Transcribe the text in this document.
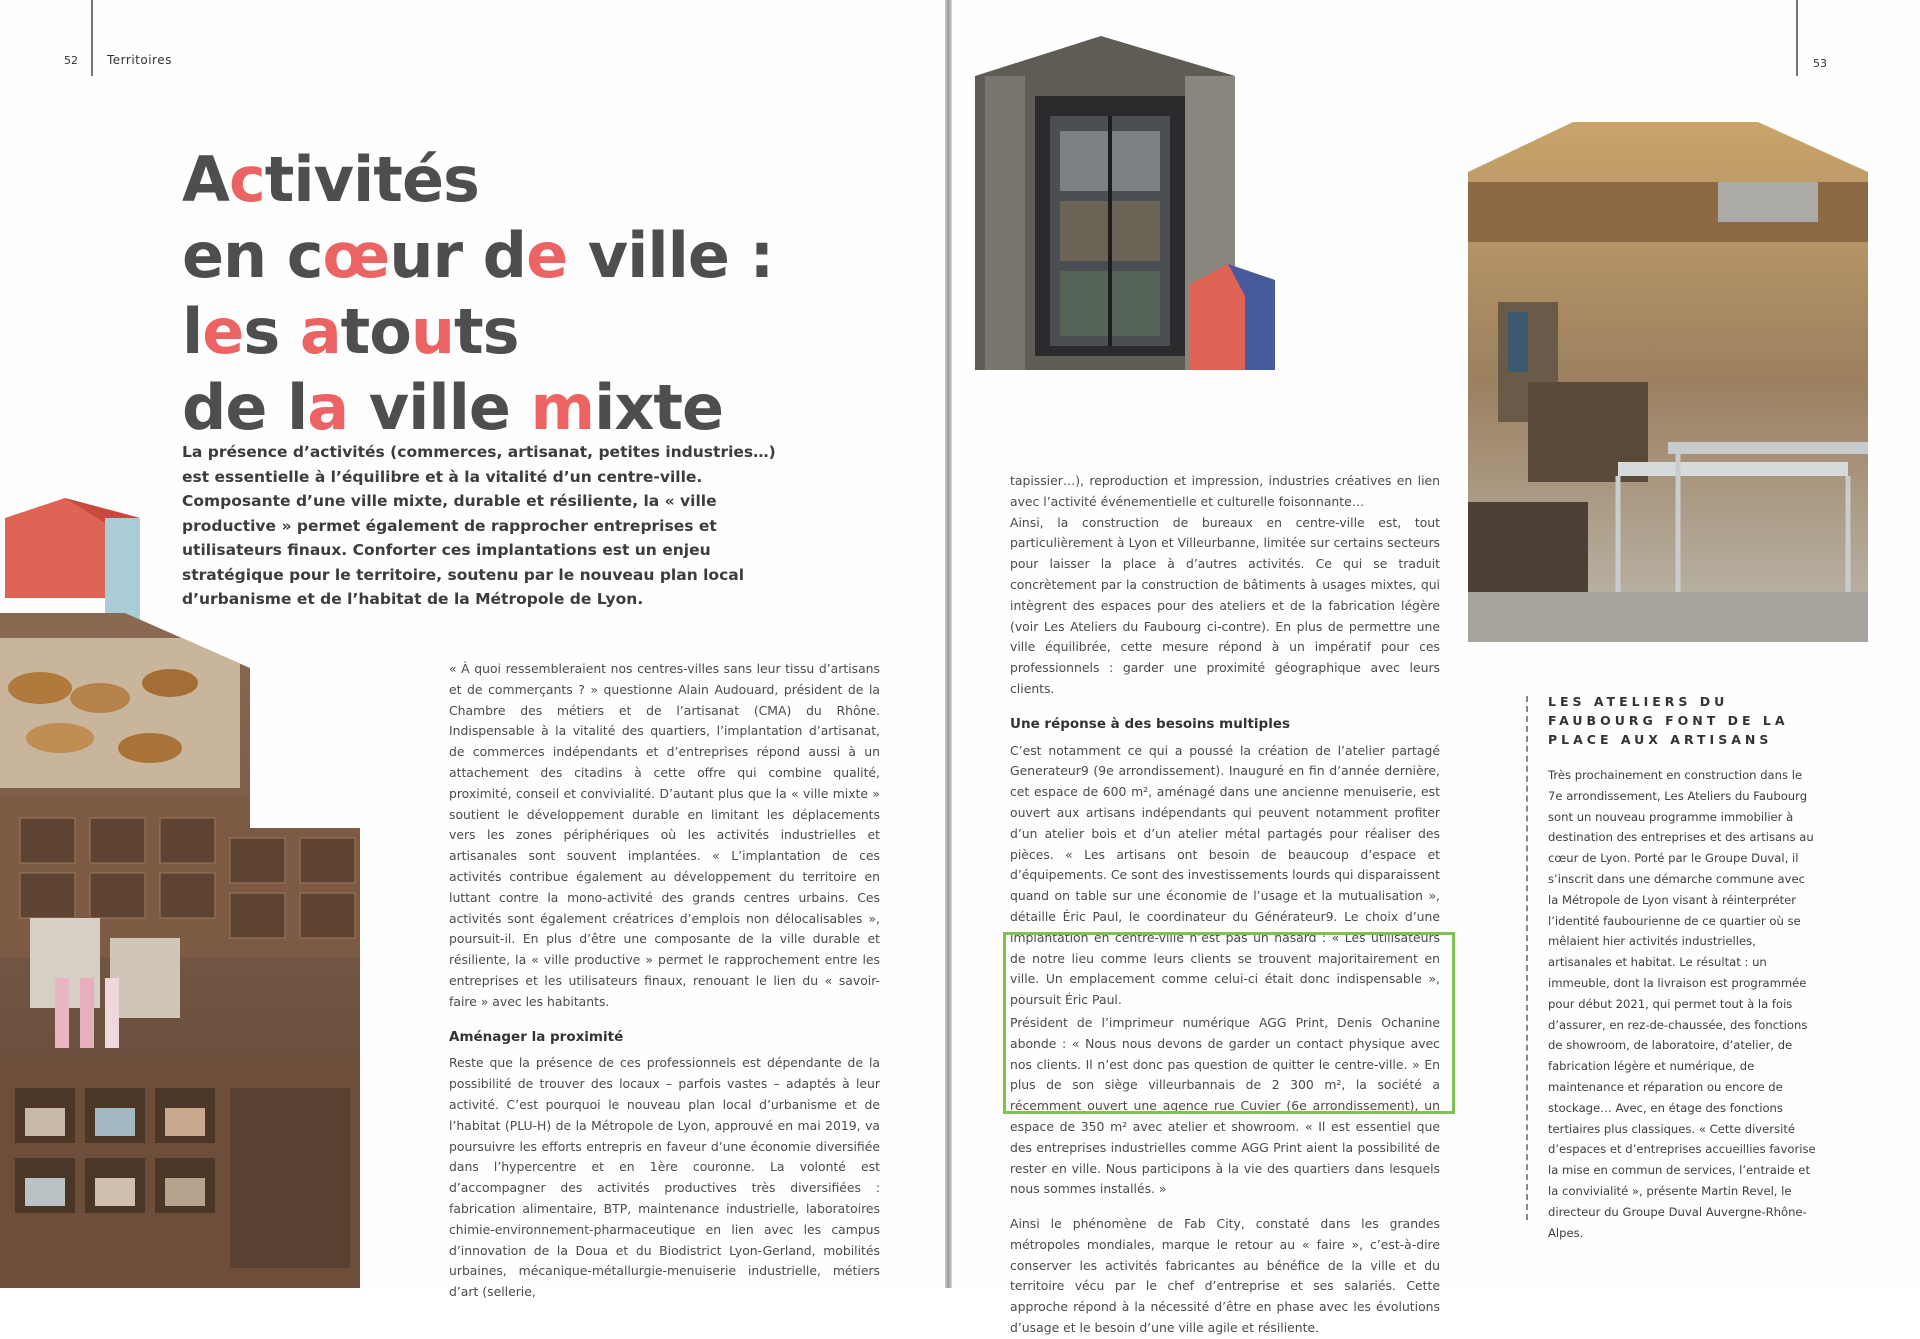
52 Territoires
Activités
en cœur de ville :
les atouts
de la ville mixte
La présence d’activités (commerces, artisanat, petites industries…) est essentielle à l’équilibre et à la vitalité d’un centre-ville. Composante d’une ville mixte, durable et résiliente, la « ville productive » permet également de rapprocher entreprises et utilisateurs finaux. Conforter ces implantations est un enjeu stratégique pour le territoire, soutenu par le nouveau plan local d’urbanisme et de l’habitat de la Métropole de Lyon.

« À quoi ressembleraient nos centres-villes sans leur tissu d’artisans et de commerçants ? » questionne Alain Audouard, président de la Chambre des métiers et de l’artisanat (CMA) du Rhône. Indispensable à la vitalité des quartiers, l’implantation d’artisanat, de commerces indépendants et d’entreprises répond aussi à un attachement des citadins à cette offre qui combine qualité, proximité, conseil et convivialité. D’autant plus que la « ville mixte » soutient le développement durable en limitant les déplacements vers les zones périphériques où les activités industrielles et artisanales sont souvent implantées. « L’implantation de ces activités contribue également au développement du territoire en luttant contre la mono-activité des grands centres urbains. Ces activités sont également créatrices d’emplois non délocalisables », poursuit-il. En plus d’être une composante de la ville durable et résiliente, la « ville productive » permet le rapprochement entre les entreprises et les utilisateurs finaux, renouant le lien du « savoir-faire » avec les habitants.

Aménager la proximité

Reste que la présence de ces professionnels est dépendante de la possibilité de trouver des locaux – parfois vastes – adaptés à leur activité. C’est pourquoi le nouveau plan local d’urbanisme et de l’habitat (PLU-H) de la Métropole de Lyon, approuvé en mai 2019, va poursuivre les efforts entrepris en faveur d’une économie diversifiée dans l’hypercentre et en 1ère couronne. La volonté est d’accompagner des activités productives très diversifiées : fabrication alimentaire, BTP, maintenance industrielle, laboratoires chimie-environnement-pharmaceutique en lien avec les campus d’innovation de la Doua et du Biodistrict Lyon-Gerland, mobilités urbaines, mécanique-métallurgie-menuiserie industrielle, métiers d’art (sellerie,

53

tapissier…), reproduction et impression, industries créatives en lien avec l’activité événementielle et culturelle foisonnante…

Ainsi, la construction de bureaux en centre-ville est, tout particulièrement à Lyon et Villeurbanne, limitée sur certains secteurs pour laisser la place à d’autres activités. Ce qui se traduit concrètement par la construction de bâtiments à usages mixtes, qui intègrent des espaces pour des ateliers et de la fabrication légère (voir Les Ateliers du Faubourg ci-contre). En plus de permettre une ville équilibrée, cette mesure répond à un impératif pour ces professionnels : garder une proximité géographique avec leurs clients.

Une réponse à des besoins multiples

C’est notamment ce qui a poussé la création de l’atelier partagé Generateur9 (9e arrondissement). Inauguré en fin d’année dernière, cet espace de 600 m², aménagé dans une ancienne menuiserie, est ouvert aux artisans indépendants qui peuvent notamment profiter d’un atelier bois et d’un atelier métal partagés pour réaliser des pièces. « Les artisans ont besoin de beaucoup d’espace et d’équipements. Ce sont des investissements lourds qui disparaissent quand on table sur une économie de l’usage et la mutualisation », détaille Éric Paul, le coordinateur du Générateur9. Le choix d’une implantation en centre-ville n’est pas un hasard : « Les utilisateurs de notre lieu comme leurs clients se trouvent majoritairement en ville. Un emplacement comme celui-ci était donc indispensable », poursuit Éric Paul.

Président de l’imprimeur numérique AGG Print, Denis Ochanine abonde : « Nous nous devons de garder un contact physique avec nos clients. Il n’est donc pas question de quitter le centre-ville. » En plus de son siège villeurbannais de 2 300 m², la société a récemment ouvert une agence rue Cuvier (6e arrondissement), un espace de 350 m² avec atelier et showroom. « Il est essentiel que des entreprises industrielles comme AGG Print aient la possibilité de rester en ville. Nous participons à la vie des quartiers dans lesquels nous sommes installés. »

Ainsi le phénomène de Fab City, constaté dans les grandes métropoles mondiales, marque le retour au « faire », c’est-à-dire conserver les activités fabricantes au bénéfice de la ville et du territoire vécu par le chef d’entreprise et ses salariés. Cette approche répond à la nécessité d’être en phase avec les évolutions d’usage et le besoin d’une ville agile et résiliente.

LES ATELIERS DU FAUBOURG FONT DE LA PLACE AUX ARTISANS
Très prochainement en construction dans le 7e arrondissement, Les Ateliers du Faubourg sont un nouveau programme immobilier à destination des entreprises et des artisans au cœur de Lyon. Porté par le Groupe Duval, il s’inscrit dans une démarche commune avec la Métropole de Lyon visant à réinterpréter l’identité faubourienne de ce quartier où se mêlaient hier activités industrielles, artisanales et habitat. Le résultat : un immeuble, dont la livraison est programmée pour début 2021, qui permet tout à la fois d’assurer, en rez-de-chaussée, des fonctions de showroom, de laboratoire, d’atelier, de fabrication légère et numérique, de maintenance et réparation ou encore de stockage… Avec, en étage des fonctions tertiaires plus classiques. « Cette diversité d’espaces et d’entreprises accueillies favorise la mise en commun de services, l’entraide et la convivialité », présente Martin Revel, le directeur du Groupe Duval Auvergne-Rhône-Alpes.
